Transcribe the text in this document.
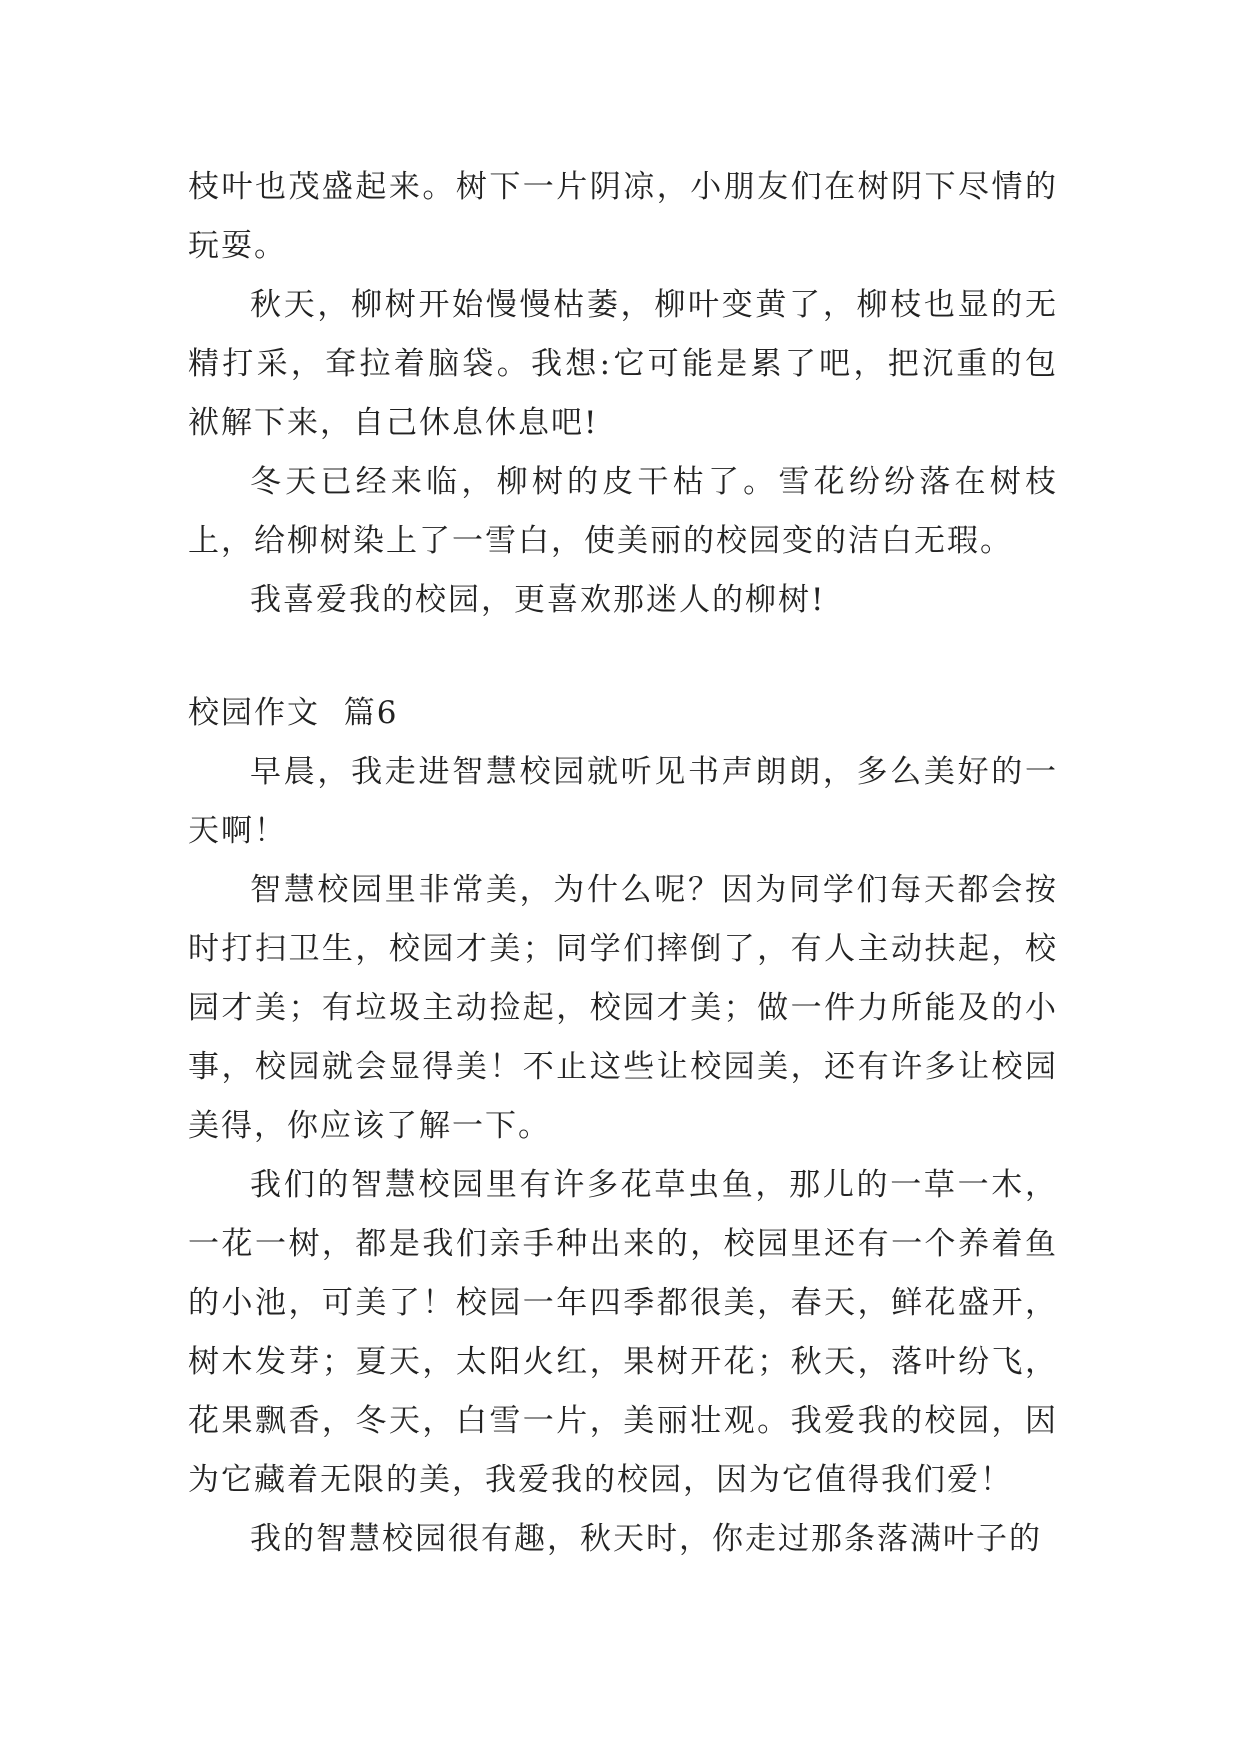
枝叶也茂盛起来。树下一片阴凉，小朋友们在树阴下尽情的玩耍。

秋天，柳树开始慢慢枯萎，柳叶变黄了，柳枝也显的无精打采，耷拉着脑袋。我想:它可能是累了吧，把沉重的包袱解下来，自己休息休息吧!

冬天已经来临，柳树的皮干枯了。雪花纷纷落在树枝上，给柳树染上了一雪白，使美丽的校园变的洁白无瑕。

我喜爱我的校园，更喜欢那迷人的柳树!

校园作文  篇6

早晨，我走进智慧校园就听见书声朗朗，多么美好的一天啊！

智慧校园里非常美，为什么呢？因为同学们每天都会按时打扫卫生，校园才美；同学们摔倒了，有人主动扶起，校园才美；有垃圾主动捡起，校园才美；做一件力所能及的小事，校园就会显得美！不止这些让校园美，还有许多让校园美得，你应该了解一下。

我们的智慧校园里有许多花草虫鱼，那儿的一草一木，一花一树，都是我们亲手种出来的，校园里还有一个养着鱼的小池，可美了！校园一年四季都很美，春天，鲜花盛开，树木发芽；夏天，太阳火红，果树开花；秋天，落叶纷飞，花果飘香，冬天，白雪一片，美丽壮观。我爱我的校园，因为它藏着无限的美，我爱我的校园，因为它值得我们爱！

我的智慧校园很有趣，秋天时，你走过那条落满叶子的
